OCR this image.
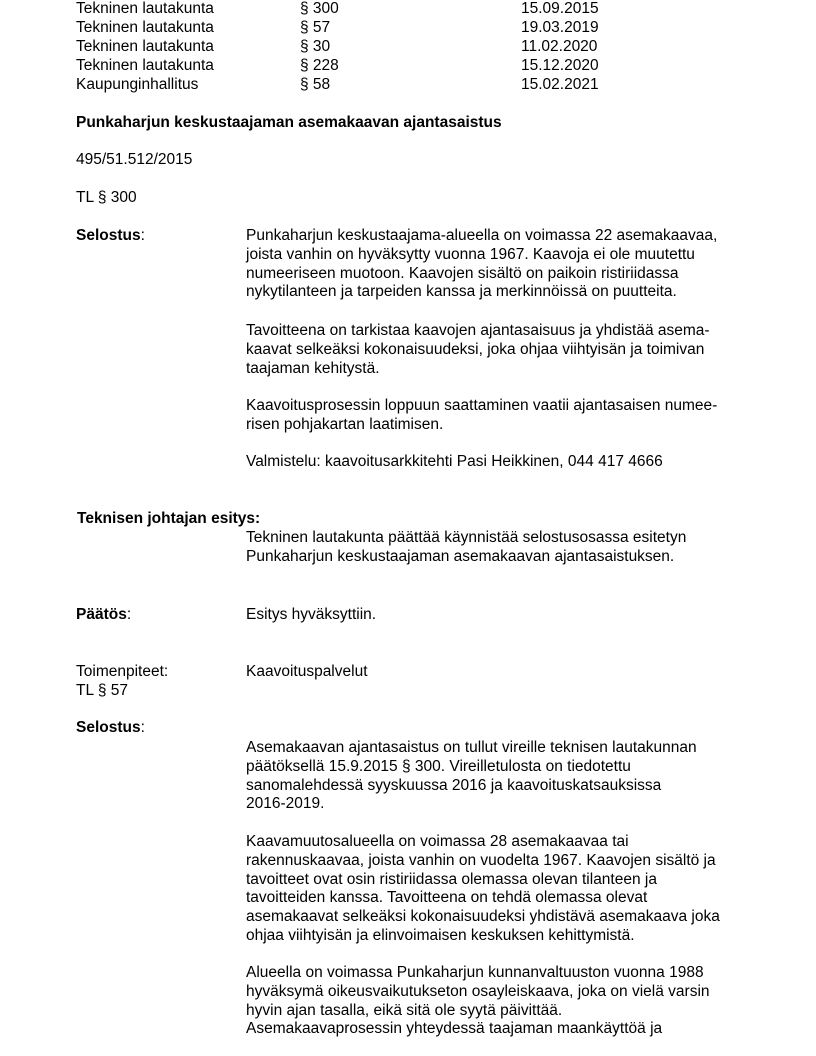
Tekninen lautakunta	§ 300	15.09.2015
Tekninen lautakunta	§ 57	19.03.2019
Tekninen lautakunta	§ 30	11.02.2020
Tekninen lautakunta	§ 228	15.12.2020
Kaupunginhallitus	§ 58	15.02.2021
Punkaharjun keskustaajaman asemakaavan ajantasaistus
495/51.512/2015
TL § 300
Selostus:	Punkaharjun keskustaajama-alueella on voimassa 22 asemakaavaa,
joista vanhin on hyväksytty vuonna 1967. Kaavoja ei ole muutettu
numeeriseen muotoon. Kaavojen sisältö on paikoin ristiriidassa
nykytilanteen ja tarpeiden kanssa ja merkinnöissä on puutteita.
Tavoitteena on tarkistaa kaavojen ajantasaisuus ja yhdistää asema-
kaavat selkeäksi kokonaisuudeksi, joka ohjaa viihtyisän ja toimivan
taajaman kehitystä.
Kaavoitusprosessin loppuun saattaminen vaatii ajantasaisen numee-
risen pohjakartan laatimisen.
Valmistelu: kaavoitusarkkitehti Pasi Heikkinen, 044 417 4666
Teknisen johtajan esitys:
Tekninen lautakunta päättää käynnistää selostusosassa esitetyn
Punkaharjun keskustaajaman asemakaavan ajantasaistuksen.
Päätös:	Esitys hyväksyttiin.
Toimenpiteet:	Kaavoituspalvelut
TL § 57
Selostus:
Asemakaavan ajantasaistus on tullut vireille teknisen lautakunnan
päätöksellä 15.9.2015 § 300. Vireilletulosta on tiedotettu
sanomalehdessä syyskuussa 2016 ja kaavoituskatsauksissa
2016-2019.
Kaavamuutosalueella on voimassa 28 asemakaavaa tai
rakennuskaavaa, joista vanhin on vuodelta 1967. Kaavojen sisältö ja
tavoitteet ovat osin ristiriidassa olemassa olevan tilanteen ja
tavoitteiden kanssa. Tavoitteena on tehdä olemassa olevat
asemakaavat selkeäksi kokonaisuudeksi yhdistävä asemakaava joka
ohjaa viihtyisän ja elinvoimaisen keskuksen kehittymistä.
Alueella on voimassa Punkaharjun kunnanvaltuuston vuonna 1988
hyväksymä oikeusvaikutukseton osayleiskaava, joka on vielä varsin
hyvin ajan tasalla, eikä sitä ole syytä päivittää.
Asemakaavaprosessin yhteydessä taajaman maankäyttöä ja
